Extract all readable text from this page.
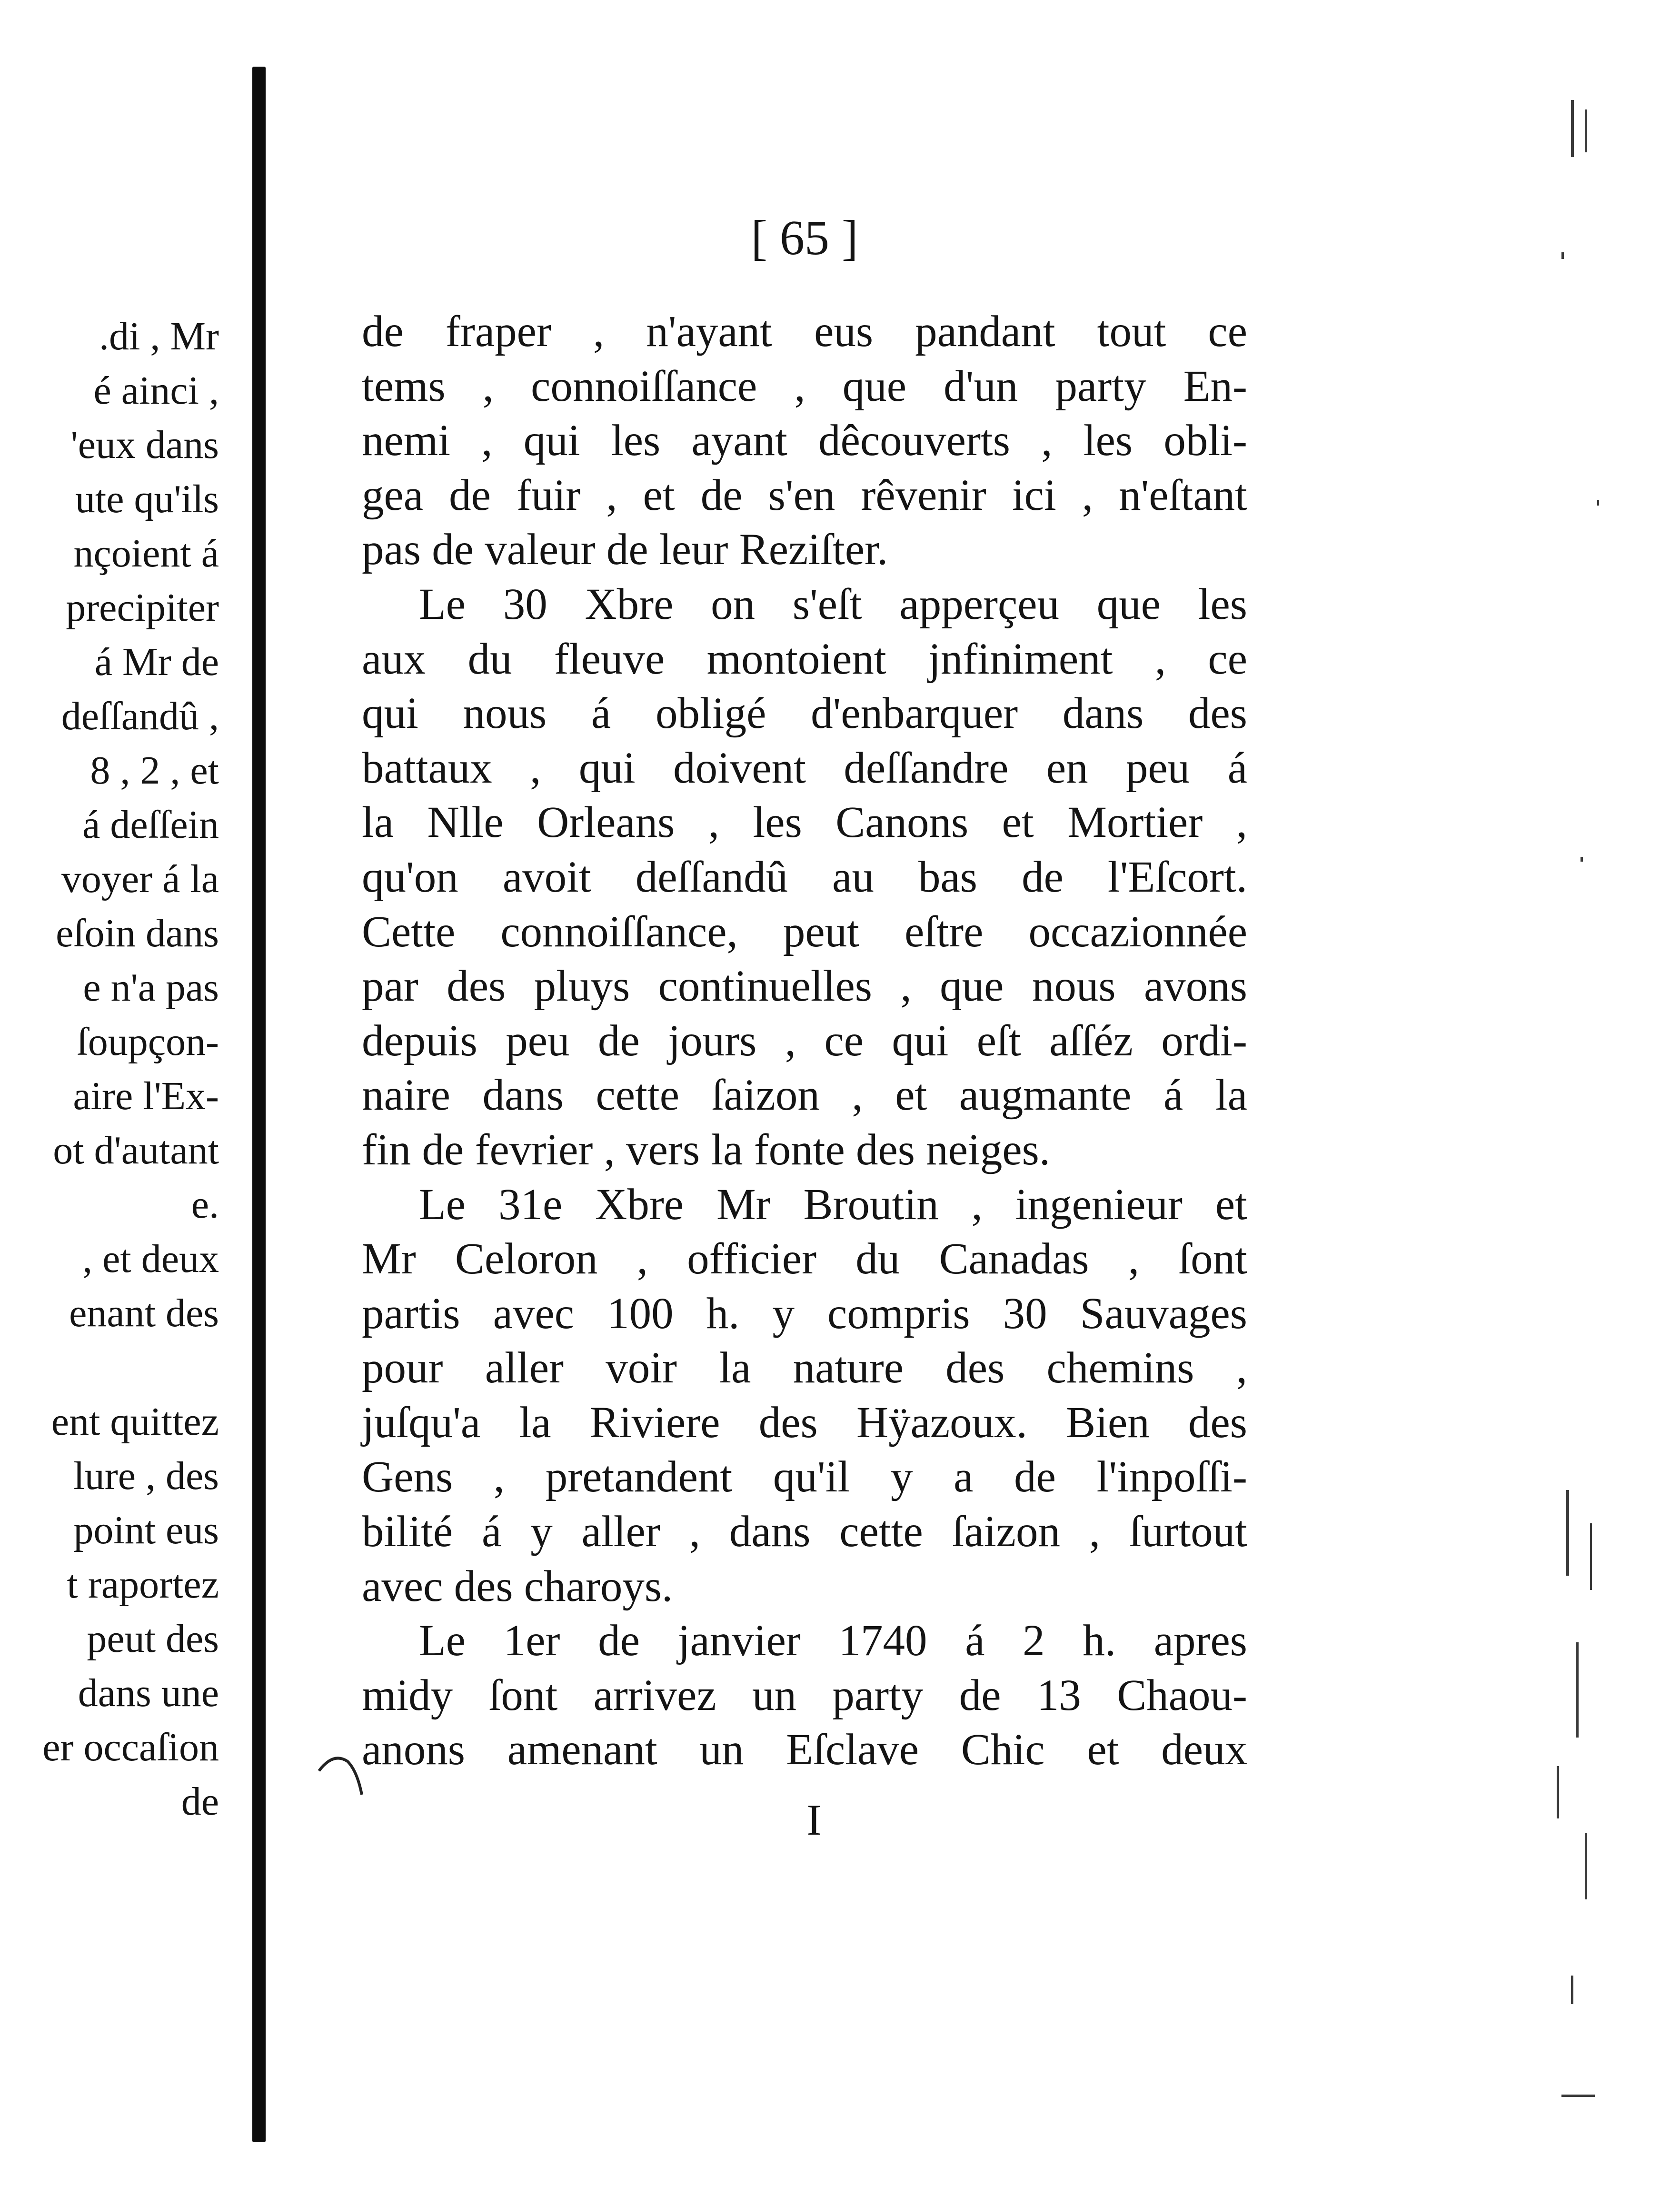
.di , Mr
é ainci ,
'eux dans
ute qu'ils
nçoient á
precipiter
á Mr de
deſſandû ,
8 , 2 , et
á deſſein
voyer á la
eſoin dans
e n'a pas
ſoupçon-
aire l'Ex-
ot d'autant
e.
, et deux
enant des
ent quittez
lure , des
point eus
t raportez
peut des
dans une
er occaſion
de
[ 65 ]
de fraper , n'ayant eus pandant tout ce
tems , connoiſſance , que d'un party En-
nemi , qui les ayant dêcouverts , les obli-
gea de fuir , et de s'en rêvenir ici , n'eſtant
pas de valeur de leur Reziſter.
Le 30 Xbre on s'eſt apperçeu que les
aux du fleuve montoient jnfiniment , ce
qui nous á obligé d'enbarquer dans des
battaux , qui doivent deſſandre en peu á
la Nlle Orleans , les Canons et Mortier ,
qu'on avoit deſſandû au bas de l'Eſcort.
Cette connoiſſance, peut eſtre occazionnée
par des pluys continuelles , que nous avons
depuis peu de jours , ce qui eſt aſſéz ordi-
naire dans cette ſaizon , et augmante á la
fin de fevrier , vers la fonte des neiges.
Le 31e Xbre Mr Broutin , ingenieur et
Mr Celoron , officier du Canadas , ſont
partis avec 100 h. y compris 30 Sauvages
pour aller voir la nature des chemins ,
juſqu'a la Riviere des Hÿazoux. Bien des
Gens , pretandent qu'il y a de l'inpoſſi-
bilité á y aller , dans cette ſaizon , ſurtout
avec des charoys.
Le 1er de janvier 1740 á 2 h. apres
midy ſont arrivez un party de 13 Chaou-
anons amenant un Eſclave Chic et deux
I
